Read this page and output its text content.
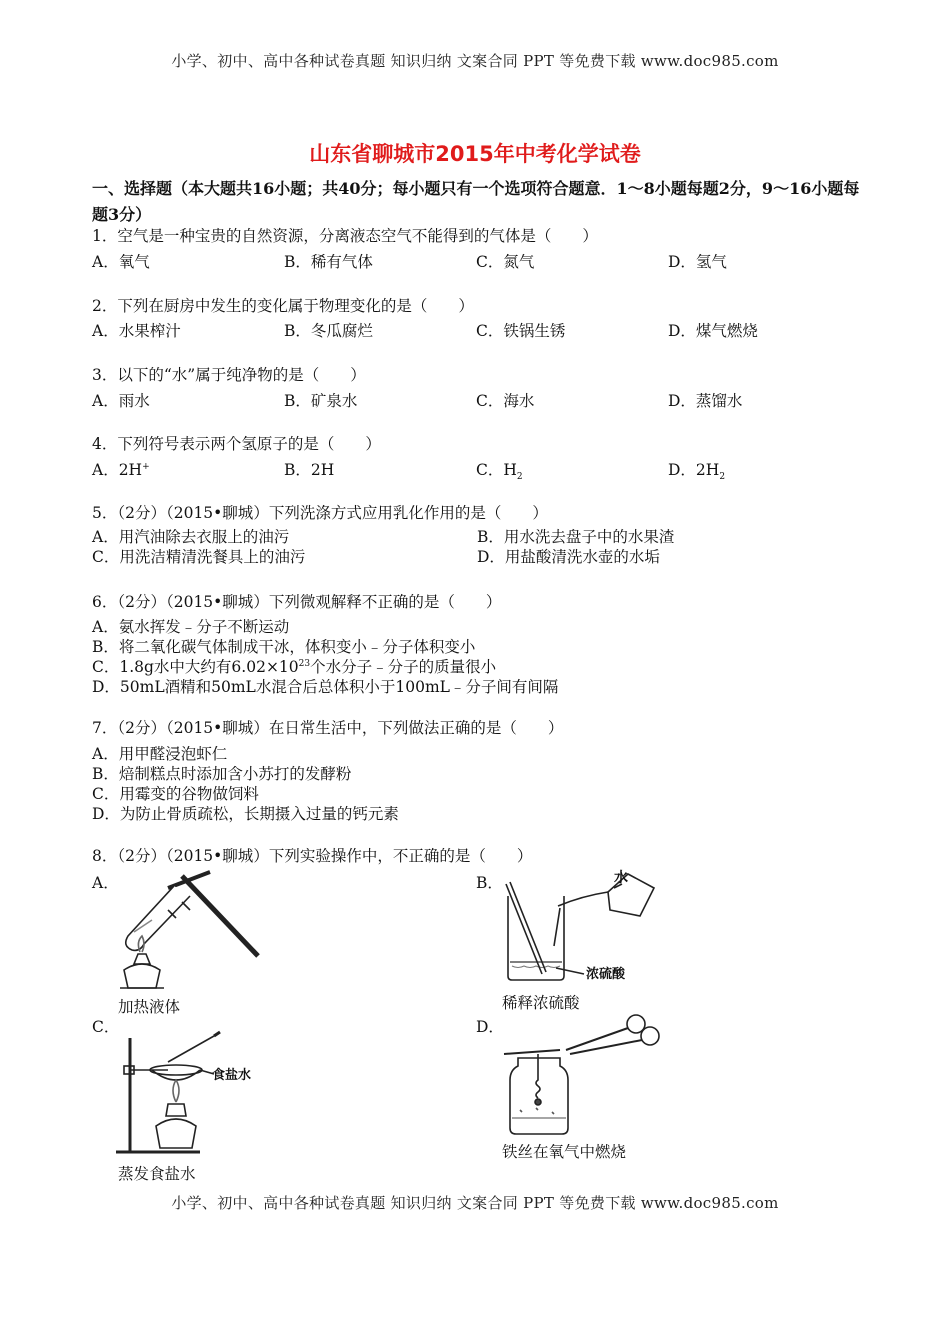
小学、初中、高中各种试卷真题 知识归纳 文案合同 PPT 等免费下载 www.doc985.com
山东省聊城市2015年中考化学试卷
一、选择题（本大题共16小题；共40分；每小题只有一个选项符合题意．1～8小题每题2分，9～16小题每题3分）
1．空气是一种宝贵的自然资源，分离液态空气不能得到的气体是（　　）
A．氧气	B．稀有气体	C．氮气	D．氢气
2．下列在厨房中发生的变化属于物理变化的是（　　）
A．水果榨汁	B．冬瓜腐烂	C．铁锅生锈	D．煤气燃烧
3．以下的“水”属于纯净物的是（　　）
A．雨水	B．矿泉水	C．海水	D．蒸馏水
4．下列符号表示两个氢原子的是（　　）
A．2H+	B．2H	C．$H_2$	D．$2H_2$
5．（2分）（2015•聊城）下列洗涤方式应用乳化作用的是（　　）
A．用汽油除去衣服上的油污	B．用水洗去盘子中的水果渣
C．用洗洁精清洗餐具上的油污	D．用盐酸清洗水壶的水垢
6．（2分）（2015•聊城）下列微观解释不正确的是（　　）
A．氨水挥发﹣分子不断运动
B．将二氧化碳气体制成干冰，体积变小﹣分子体积变小
C．1.8g水中大约有$6.02\times 10^{23}$个水分子﹣分子的质量很小
D．50mL酒精和50mL水混合后总体积小于100mL﹣分子间有间隔
7．（2分）（2015•聊城）在日常生活中，下列做法正确的是（　　）
A．用甲醛浸泡虾仁
B．焙制糕点时添加含小苏打的发酵粉
C．用霉变的谷物做饲料
D．为防止骨质疏松，长期摄入过量的钙元素
8．（2分）（2015•聊城）下列实验操作中，不正确的是（　　）
A．	B．
C．	D．
加热液体
水
浓硫酸
稀释浓硫酸
食盐水
蒸发食盐水
铁丝在氧气中燃烧
小学、初中、高中各种试卷真题 知识归纳 文案合同 PPT 等免费下载 www.doc985.com
